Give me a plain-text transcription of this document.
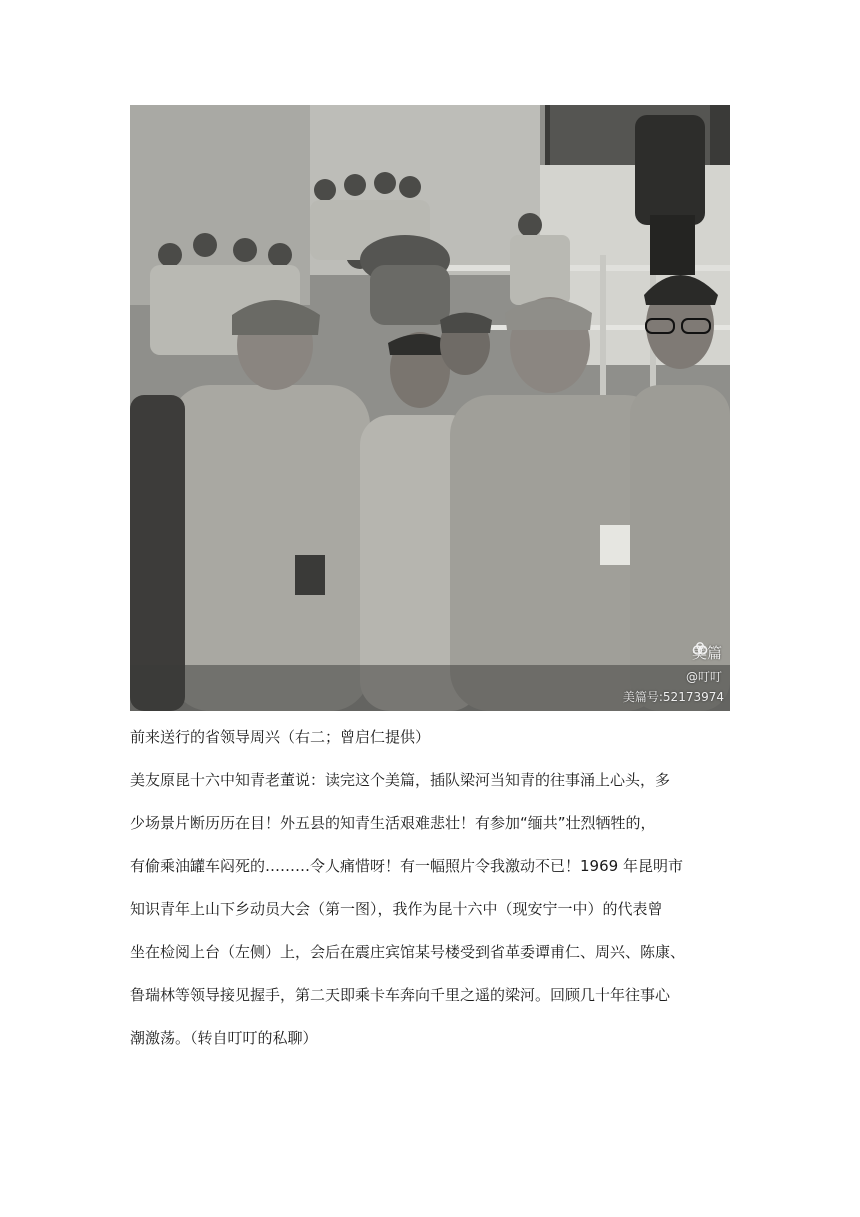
美篇
@叮叮
美篇号:52173974
前来送行的省领导周兴（右二；曾启仁提供）
美友原昆十六中知青老董说：读完这个美篇，插队梁河当知青的往事涌上心头，多
少场景片断历历在目！外五县的知青生活艰难悲壮！有参加“缅共”壮烈牺牲的，
有偷乘油罐车闷死的………令人痛惜呀！有一幅照片令我激动不已！1969 年昆明市
知识青年上山下乡动员大会（第一图），我作为昆十六中（现安宁一中）的代表曾
坐在检阅上台（左侧）上，会后在震庄宾馆某号楼受到省革委谭甫仁、周兴、陈康、
鲁瑞林等领导接见握手，第二天即乘卡车奔向千里之遥的梁河。回顾几十年往事心
潮激荡。（转自叮叮的私聊）
